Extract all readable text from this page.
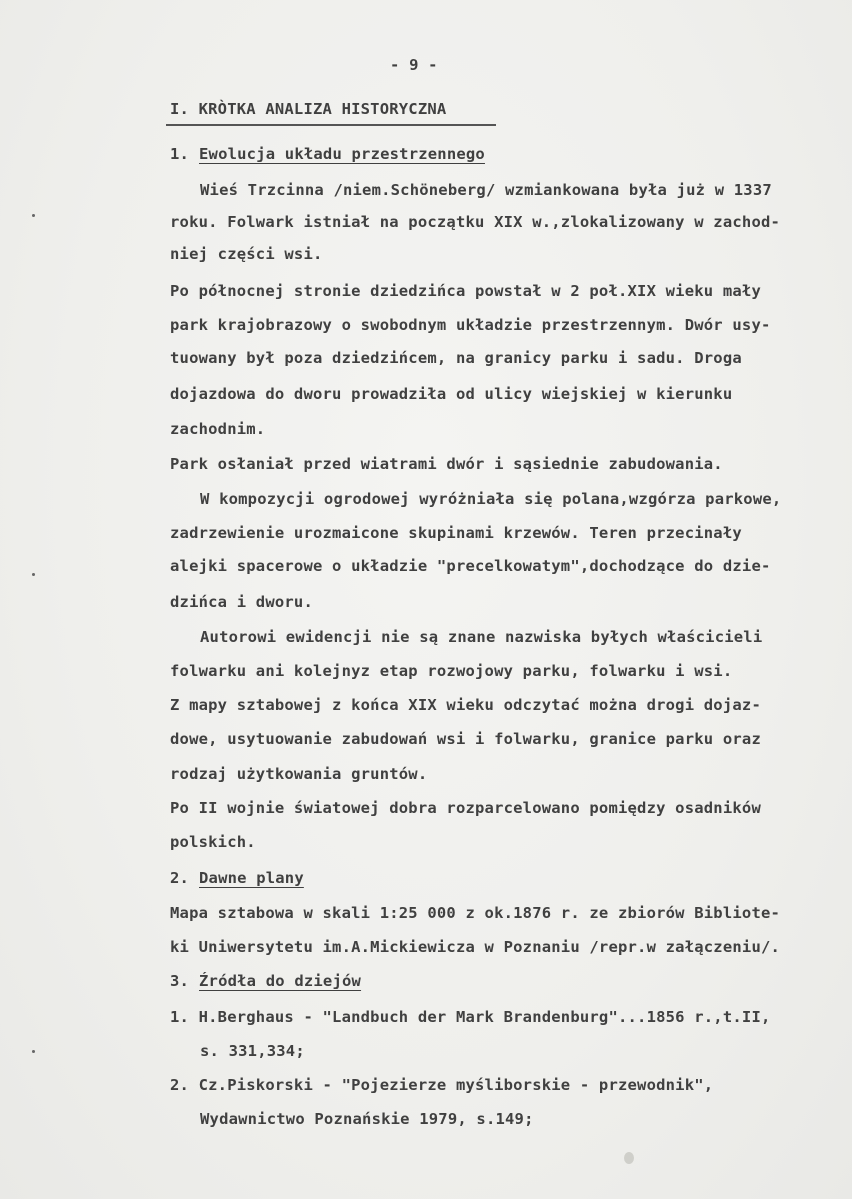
- 9 -
I. KRÒTKA ANALIZA HISTORYCZNA
1. Ewolucja układu przestrzennego
Wieś Trzcinna /niem.Schöneberg/ wzmiankowana była już w 1337
roku. Folwark istniał na początku XIX w.,zlokalizowany w zachod-
niej części wsi.
Po północnej stronie dziedzińca powstał w 2 poł.XIX wieku mały
park krajobrazowy o swobodnym układzie przestrzennym. Dwór usy-
tuowany był poza dziedzińcem, na granicy parku i sadu. Droga
dojazdowa do dworu prowadziła od ulicy wiejskiej w kierunku
zachodnim.
Park osłaniał przed wiatrami dwór i sąsiednie zabudowania.
W kompozycji ogrodowej wyróżniała się polana,wzgórza parkowe,
zadrzewienie urozmaicone skupinami krzewów. Teren przecinały
alejki spacerowe o układzie "precelkowatym",dochodzące do dzie-
dzińca i dworu.
Autorowi ewidencji nie są znane nazwiska byłych właścicieli
folwarku ani kolejnyz etap rozwojowy parku, folwarku i wsi.
Z mapy sztabowej z końca XIX wieku odczytać można drogi dojaz-
dowe, usytuowanie zabudowań wsi i folwarku, granice parku oraz
rodzaj użytkowania gruntów.
Po II wojnie światowej dobra rozparcelowano pomiędzy osadników
polskich.
2. Dawne plany
Mapa sztabowa w skali 1:25 000 z ok.1876 r. ze zbiorów Bibliote-
ki Uniwersytetu im.A.Mickiewicza w Poznaniu /repr.w załączeniu/.
3. Źródła do dziejów
1. H.Berghaus - "Landbuch der Mark Brandenburg"...1856 r.,t.II,
s. 331,334;
2. Cz.Piskorski - "Pojezierze myśliborskie - przewodnik",
Wydawnictwo Poznańskie 1979, s.149;
